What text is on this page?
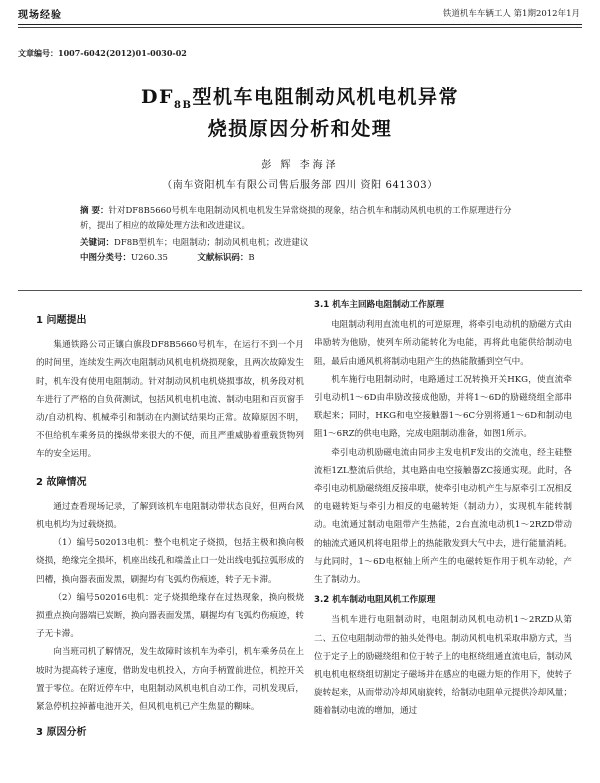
现场经验	铁道机车车辆工人 第1期2012年1月
文章编号：1007-6042(2012)01-0030-02
$DF_{8B}$型机车电阻制动风机电机异常
烧损原因分析和处理
彭 辉 李海泽
（南车资阳机车有限公司售后服务部 四川 资阳 641303）
摘 要：针对DF8B5660号机车电阻制动风机电机发生异常烧损的现象，结合机车和制动风机电机的工作原理进行分析，提出了相应的故障处理方法和改进建议。
关键词：DF8B型机车；电阻制动；制动风机电机；改进建议
中图分类号：U260.35	文献标识码：B
1 问题提出

集通铁路公司正镶白旗段DF8B5660号机车，在运行不到一个月的时间里，连续发生两次电阻制动风机电机烧损现象，且两次故障发生时，机车没有使用电阻制动。针对制动风机电机烧损事故，机务段对机车进行了严格的自负荷测试，包括风机电机电流、制动电阻和百页窗手动/自动机构、机械牵引和制动在内测试结果均正常。故障原因不明，不但给机车乘务员的操纵带来很大的不便，而且严重威胁着重载货物列车的安全运用。

2 故障情况

通过查看现场记录，了解到该机车电阻制动带状态良好，但两台风机电机均为过载烧损。

（1）编号502013电机：整个电机定子烧损，包括主极和换向极烧损，绝缘完全损坏，机座出线孔和端盖止口一处出线电弧拉弧形成的凹槽，换向器表面发黑，刷握均有飞弧灼伤痕迹，转子无卡滞。

（2）编号502016电机：定子烧损绝缘存在过热现象，换向极烧损重点换向器端已炭断，换向器表面发黑，刷握均有飞弧灼伤痕迹，转子无卡滞。

向当班司机了解情况，发生故障时该机车为牵引，机车乘务员在上坡时为提高转子速度，借助发电机投入，方向手柄置前进位，机控开关置于零位。在附近停车中，电阻制动风机电机自动工作，司机发现后，紧急停机拉掉蓄电池开关，但风机电机已产生焦显的糊味。

3 原因分析
3.1 机车主回路电阻制动工作原理

电阻制动利用直流电机的可逆原理，将牵引电动机的励磁方式由串励转为他励，使列车所动能转化为电能，再将此电能供给制动电阻，最后由通风机将制动电阻产生的热能散播到空气中。

机车施行电阻制动时，电路通过工况转换开关HKG，使直流牵引电动机1～6D由串励改接成他励，并将1～6D的励磁绕组全部串联起来；同时，HKG和电空接触器1～6C分别将通1～6D和制动电阻1～6RZ的供电电路，完成电阻制动准备，如图1所示。

牵引电动机励磁电流由同步主发电机F发出的交流电，经主硅整流柜1ZL整流后供给，其电路由电空接触器ZC接通实现。此时，各牵引电动机励磁绕组反接串联，使牵引电动机产生与原牵引工况相反的电磁转矩与牵引力相反的电磁转矩（制动力），实现机车能转制动。电流通过制动电阻带产生热能，2台直流电动机1～2RZD带动的轴流式通风机将电阻带上的热能散发到大气中去，进行能量消耗。与此同时，1～6D电枢轴上所产生的电磁转矩作用于机车动轮，产生了制动力。

3.2 机车制动电阻风机工作原理

当机车进行电阻制动时，电阻制动风机电动机1～2RZD从第二、五位电阻制动带的抽头处得电。制动风机电机采取串励方式，当位于定子上的励磁绕组和位于转子上的电枢绕组通直流电后，制动风机电机电枢绕组切割定子磁场并在感应的电磁力矩的作用下，使转子旋转起来，从而带动冷却风扇旋转，给制动电阻单元提供冷却风量；随着制动电流的增加，通过
